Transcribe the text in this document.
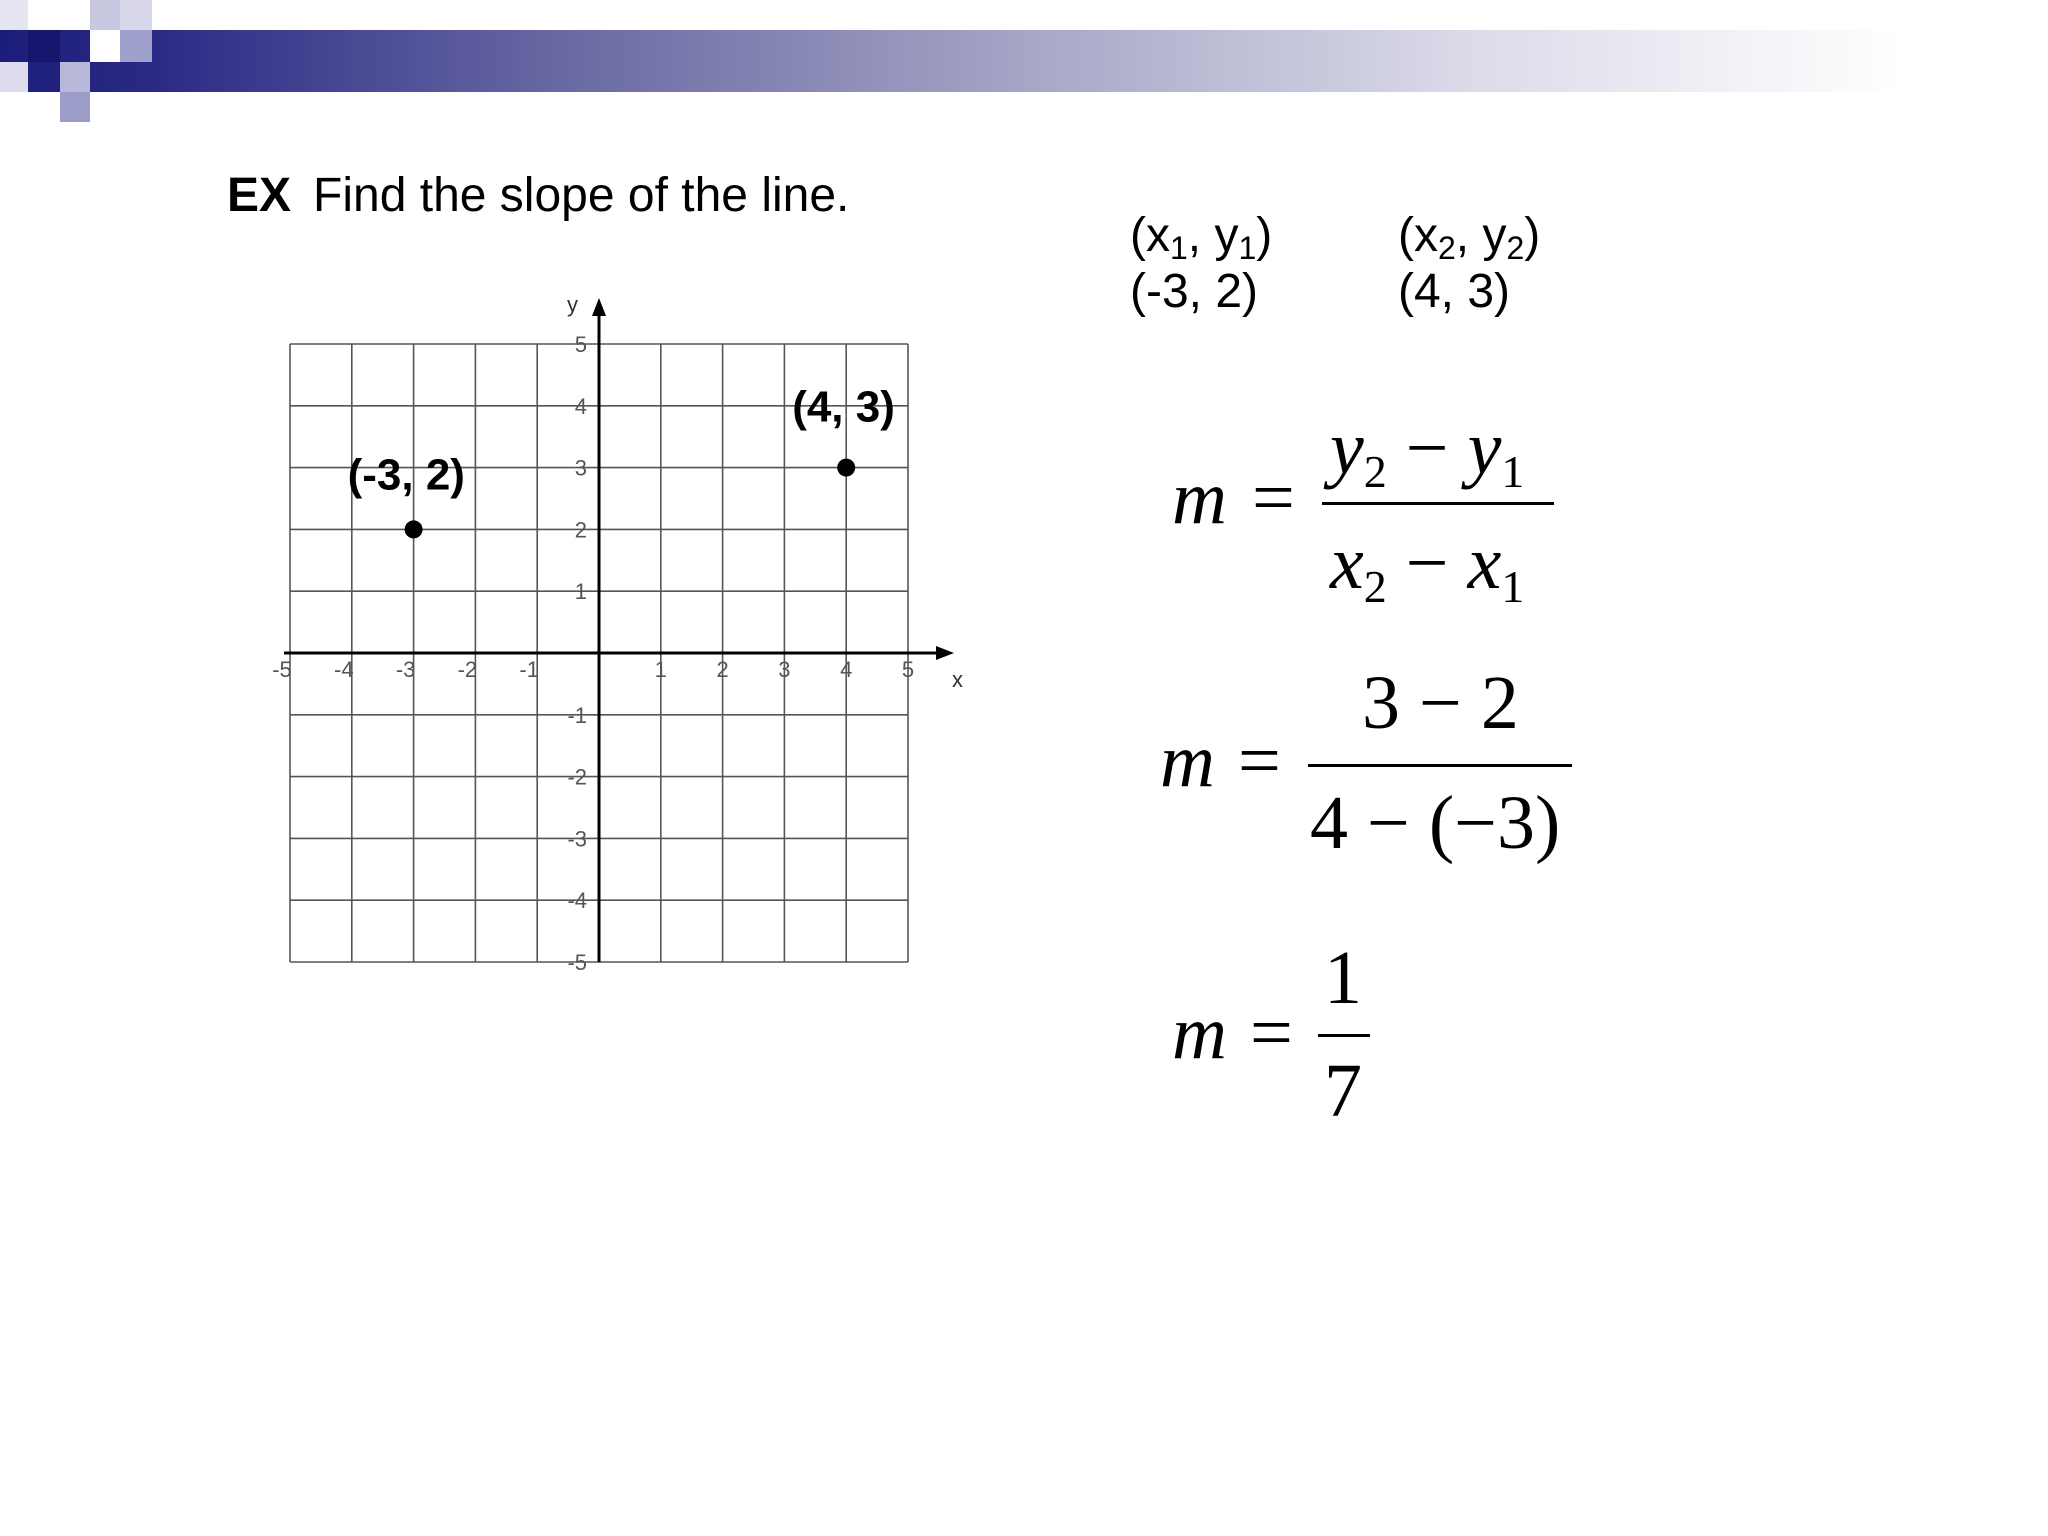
EX Find the slope of the line.
($x_1$, $y_1$)	($x_2$, $y_2$)
(-3, 2)	(4, 3)
x
y
-5 -4 -3 -2 -1	1 2 3 4 5
5
4
3
2
1
-1
-2
-3
-4
-5
(-3, 2)
(4, 3)
m =
$y_2 - y_1$
$x_2 - x_1$
m =
3 − 2
4 − (−3)
m =
1
7
